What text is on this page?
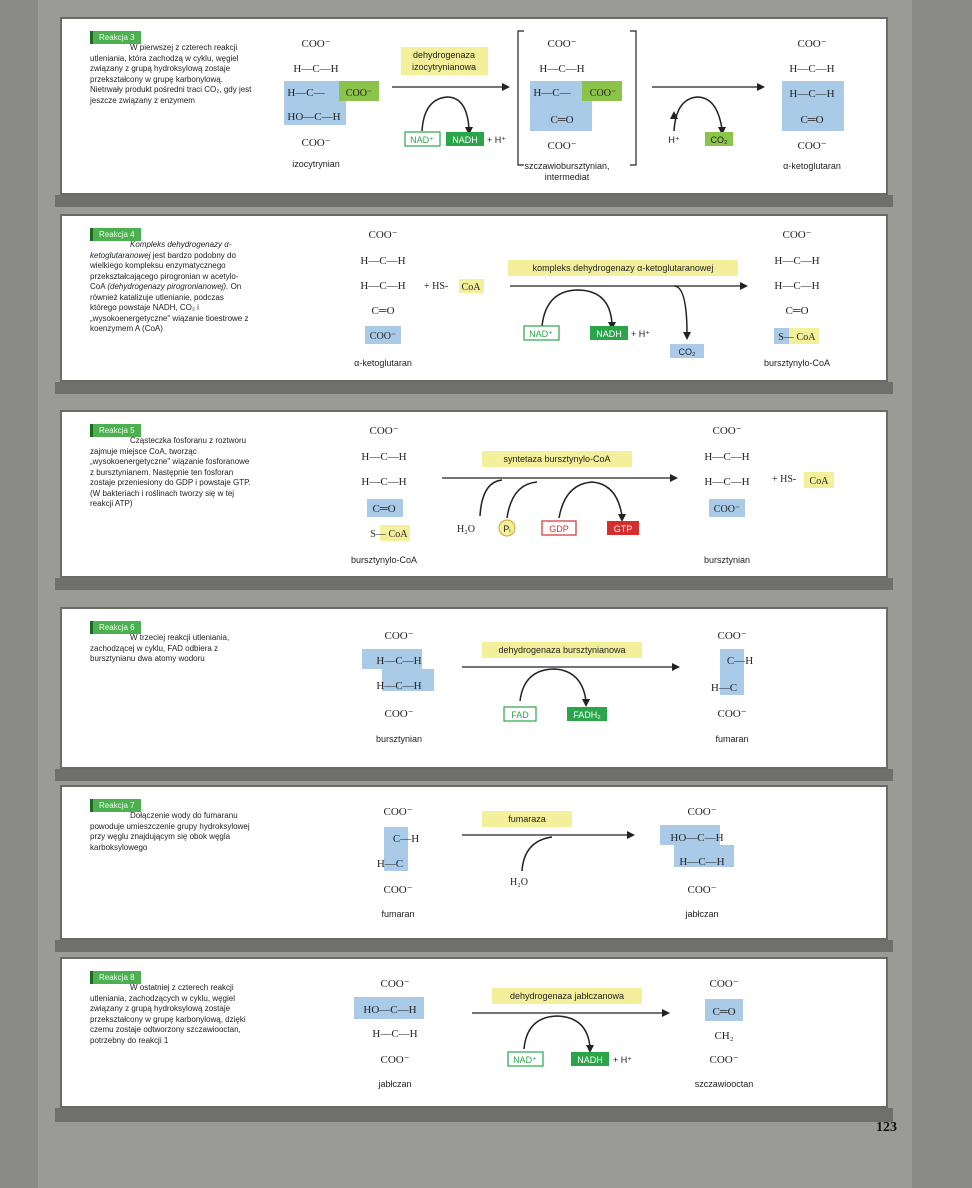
Reakcja 3
W pierwszej z czterech reakcji utleniania, która zachodzą w cyklu, węgiel związany z grupą hydroksylową zostaje przekształcony w grupę karbonylową. Nietrwały produkt pośredni traci CO₂, gdy jest jeszcze związany z enzymem
COO⁻
H—C—H
H—C— COO⁻
HO—C—H
COO⁻
izocytrynian
dehydrogenaza
izocytrynianowa
NAD⁺ NADH + H⁺
COO⁻
H—C—H
H—C— COO⁻
C═O
COO⁻
szczawiobursztynian,
intermediat
H⁺	CO₂
COO⁻
H—C—H
H—C—H
C═O
COO⁻
α-ketoglutaran
Reakcja 4
Kompleks dehydrogenazy α-ketoglutaranowej jest bardzo podobny do wielkiego kompleksu enzymatycznego przekształcającego pirogronian w acetylo-CoA (dehydrogenazy pirogronianowej). On również katalizuje utlenianie, podczas którego powstaje NADH, CO₂ i „wysokoenergetyczne" wiązanie tioestrowe z koenzymem A (CoA)
COO⁻
H—C—H
H—C—H
C═O
COO⁻
α-ketoglutaran
+ HS- CoA
kompleks dehydrogenazy α-ketoglutaranowej
NAD⁺	NADH + H⁺
CO₂
COO⁻
H—C—H
H—C—H
C═O
S— CoA
bursztynylo-CoA
Reakcja 5
Cząsteczka fosforanu z roztworu zajmuje miejsce CoA, tworząc „wysokoenergetyczne" wiązanie fosforanowe z bursztynianem. Następnie ten fosforan zostaje przeniesiony do GDP i powstaje GTP. (W bakteriach i roślinach tworzy się w tej reakcji ATP)
COO⁻
H—C—H
H—C—H
C═O
S— CoA
bursztynylo-CoA
syntetaza bursztynylo-CoA
H₂O	Pᵢ	GDP	GTP
COO⁻
H—C—H
H—C—H
COO⁻
bursztynian
+ HS- CoA
Reakcja 6
W trzeciej reakcji utleniania, zachodzącej w cyklu, FAD odbiera z bursztynianu dwa atomy wodoru
COO⁻
H—C—H
H—C—H
COO⁻
bursztynian
dehydrogenaza bursztynianowa
FAD	FADH₂
COO⁻
C—H
H—C
COO⁻
fumaran
Reakcja 7
Dołączenie wody do fumaranu powoduje umieszczenie grupy hydroksylowej przy węglu znajdującym się obok węgla karboksylowego
COO⁻
C—H
H—C
COO⁻
fumaran
fumaraza
H₂O
COO⁻
HO—C—H
H—C—H
COO⁻
jabłczan
Reakcja 8
W ostatniej z czterech reakcji utleniania, zachodzących w cyklu, węgiel związany z grupą hydroksylową zostaje przekształcony w grupę karbonylową, dzięki czemu zostaje odtworzony szczawiooctan, potrzebny do reakcji 1
COO⁻
HO—C—H
H—C—H
COO⁻
jabłczan
dehydrogenaza jabłczanowa
NAD⁺	NADH + H⁺
COO⁻
C═O
CH₂
COO⁻
szczawiooctan
123
